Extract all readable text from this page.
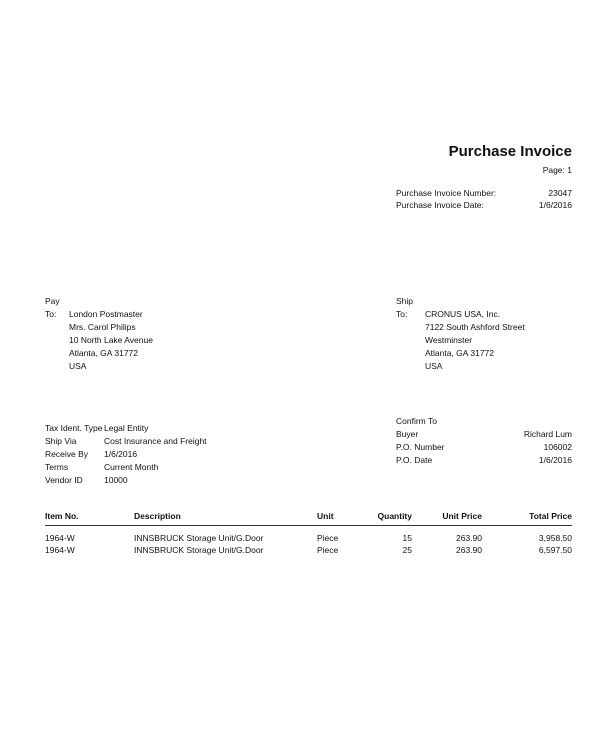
Purchase Invoice
Page: 1
Purchase Invoice Number:	23047
Purchase Invoice Date:	1/6/2016
Pay
To: London Postmaster
Mrs. Carol Philips
10 North Lake Avenue
Atlanta, GA 31772
USA
Ship
To: CRONUS USA, Inc.
7122 South Ashford Street
Westminster
Atlanta, GA 31772
USA
Tax Ident. Type Legal Entity
Ship Via	Cost Insurance and Freight
Receive By 1/6/2016
Terms	Current Month
Vendor ID 10000
Confirm To
Buyer	Richard Lum
P.O. Number	106002
P.O. Date	1/6/2016
Item No.	Description	Unit	Quantity	Unit Price	Total Price
1964-W	INNSBRUCK Storage Unit/G.Door	Piece	15	263.90	3,958.50
1964-W	INNSBRUCK Storage Unit/G.Door	Piece	25	263.90	6,597.50
